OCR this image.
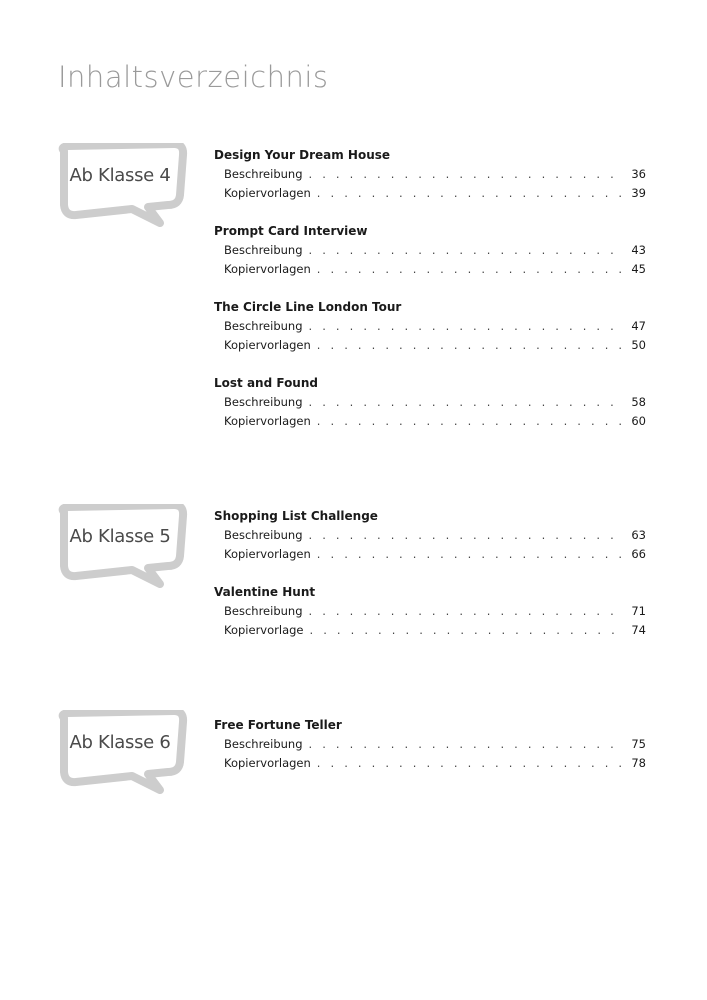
Inhaltsverzeichnis
Ab Klasse 4
Ab Klasse 5
Ab Klasse 6
Design Your Dream House
Beschreibung . . .	36
Kopiervorlagen . . .	39
Prompt Card Interview
Beschreibung . . .	43
Kopiervorlagen . . .	45
The Circle Line London Tour
Beschreibung . . .	47
Kopiervorlagen . . .	50
Lost and Found
Beschreibung . . .	58
Kopiervorlagen . . .	60
Shopping List Challenge
Beschreibung . . .	63
Kopiervorlagen . . .	66
Valentine Hunt
Beschreibung . . .	71
Kopiervorlage . . .	74
Free Fortune Teller
Beschreibung . . .	75
Kopiervorlagen . . .	78
